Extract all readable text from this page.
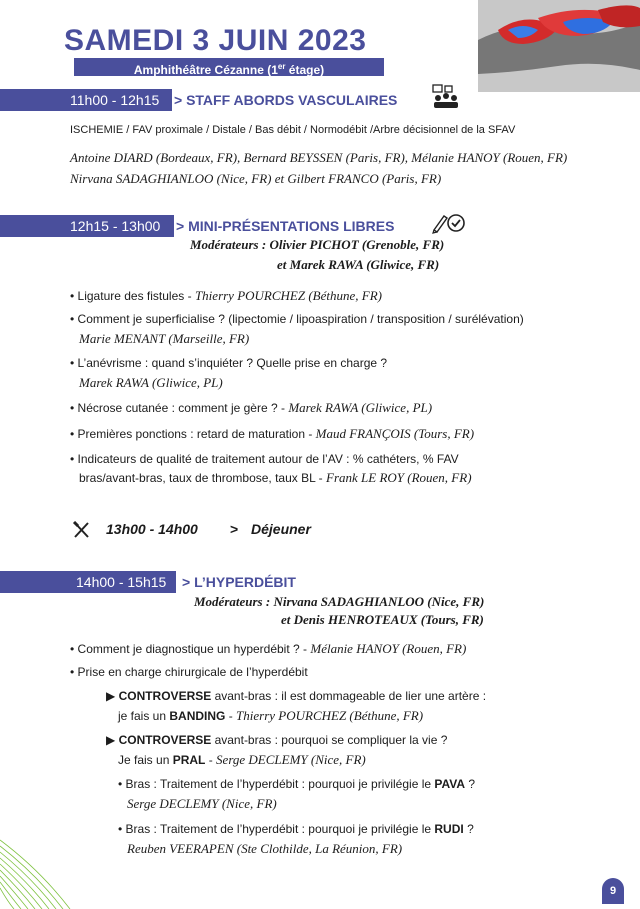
SAMEDI 3 JUIN 2023
Amphithéâtre Cézanne (1er étage)
11h00 - 12h15 > STAFF ABORDS VASCULAIRES
ISCHEMIE / FAV proximale / Distale / Bas débit / Normodébit /Arbre décisionnel de la SFAV
Antoine DIARD (Bordeaux, FR), Bernard BEYSSEN (Paris, FR), Mélanie HANOY (Rouen, FR)
Nirvana SADAGHIANLOO (Nice, FR) et Gilbert FRANCO (Paris, FR)
12h15 - 13h00 > MINI-PRÉSENTATIONS LIBRES
Modérateurs : Olivier PICHOT (Grenoble, FR)
et Marek RAWA (Gliwice, FR)
• Ligature des fistules - Thierry POURCHEZ (Béthune, FR)
• Comment je superficialise ? (lipectomie / lipoaspiration / transposition / surélévation)
Marie MENANT (Marseille, FR)
• L’anévrisme : quand s’inquiéter ? Quelle prise en charge ?
Marek RAWA (Gliwice, PL)
• Nécrose cutanée : comment je gère ? - Marek RAWA (Gliwice, PL)
• Premières ponctions : retard de maturation - Maud FRANÇOIS (Tours, FR)
• Indicateurs de qualité de traitement autour de l’AV : % cathéters, % FAV
bras/avant-bras, taux de thrombose, taux BL - Frank LE ROY (Rouen, FR)
13h00 - 14h00 > Déjeuner
14h00 - 15h15 > L’HYPERDÉBIT
Modérateurs : Nirvana SADAGHIANLOO (Nice, FR)
et Denis HENROTEAUX (Tours, FR)
• Comment je diagnostique un hyperdébit ? - Mélanie HANOY (Rouen, FR)
• Prise en charge chirurgicale de l’hyperdébit
▶ CONTROVERSE avant-bras : il est dommageable de lier une artère :
je fais un BANDING - Thierry POURCHEZ (Béthune, FR)
▶ CONTROVERSE avant-bras : pourquoi se compliquer la vie ?
Je fais un PRAL - Serge DECLEMY (Nice, FR)
• Bras : Traitement de l’hyperdébit : pourquoi je privilégie le PAVA ?
Serge DECLEMY (Nice, FR)
• Bras : Traitement de l’hyperdébit : pourquoi je privilégie le RUDI ?
Reuben VEERAPEN (Ste Clothilde, La Réunion, FR)
9
